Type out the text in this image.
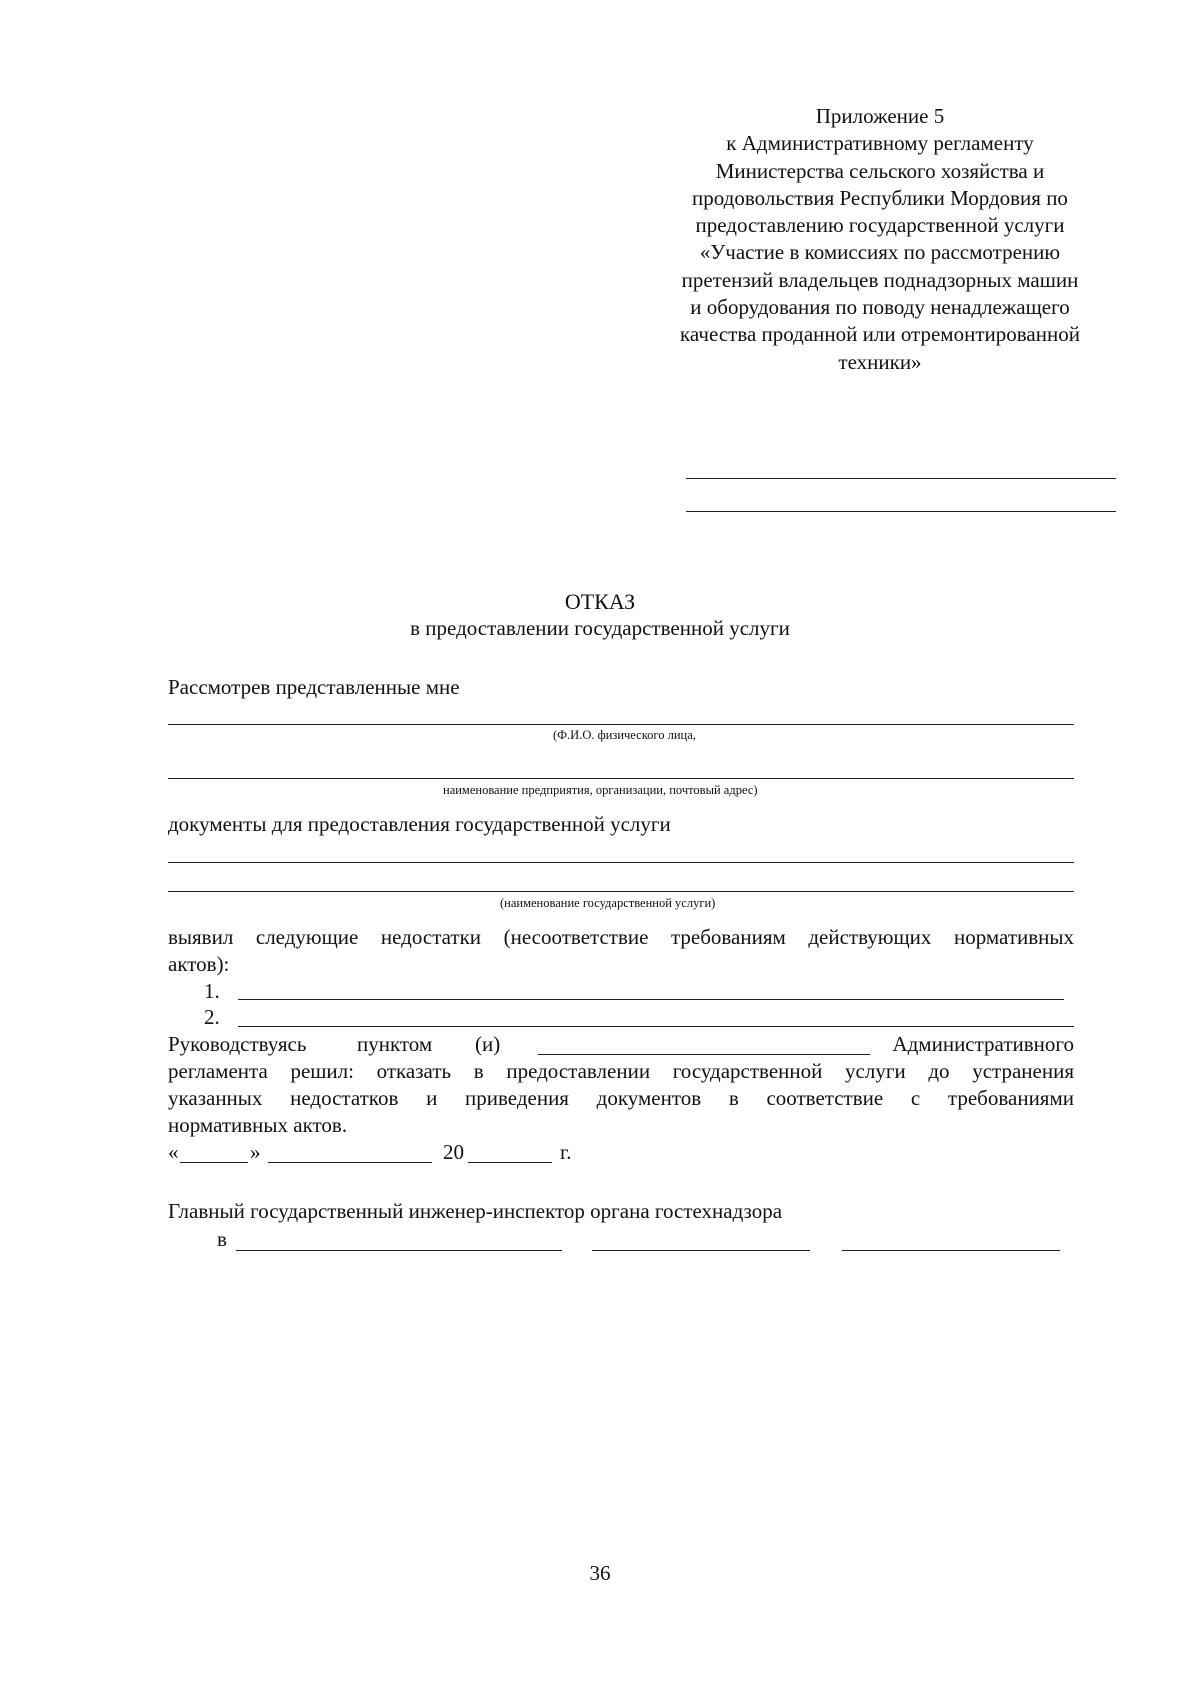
Приложение 5
к Административному регламенту
Министерства сельского хозяйства и
продовольствия Республики Мордовия по
предоставлению государственной услуги
«Участие в комиссиях по рассмотрению
претензий владельцев поднадзорных машин
и оборудования по поводу ненадлежащего
качества проданной или отремонтированной
техники»
ОТКАЗ
в предоставлении государственной услуги
Рассмотрев представленные мне
(Ф.И.О. физического лица,
наименование предприятия, организации, почтовый адрес)
документы для предоставления государственной услуги
(наименование государственной услуги)
выявил следующие недостатки (несоответствие требованиям действующих нормативных
актов):
1.
2.
Руководствуясь пунктом (и)	Административного
регламента решил: отказать в предоставлении государственной услуги до устранения
указанных недостатков и приведения документов в соответствие с требованиями
нормативных актов.
«	»	20	г.
Главный государственный инженер-инспектор органа гостехнадзора
в
36
